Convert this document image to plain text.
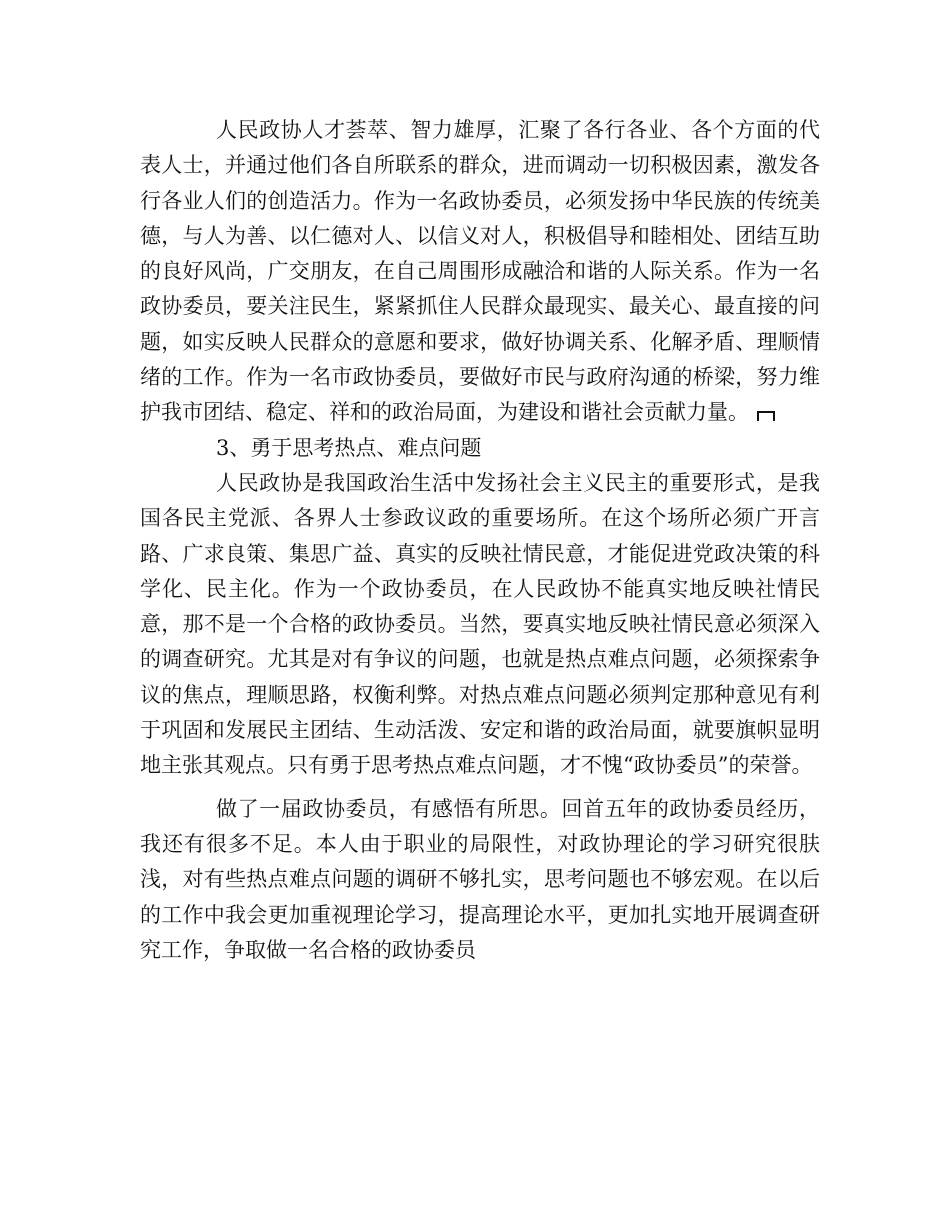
人民政协人才荟萃、智力雄厚，汇聚了各行各业、各个方面的代表人士，并通过他们各自所联系的群众，进而调动一切积极因素，激发各行各业人们的创造活力。作为一名政协委员，必须发扬中华民族的传统美德，与人为善、以仁德对人、以信义对人，积极倡导和睦相处、团结互助的良好风尚，广交朋友，在自己周围形成融洽和谐的人际关系。作为一名政协委员，要关注民生，紧紧抓住人民群众最现实、最关心、最直接的问题，如实反映人民群众的意愿和要求，做好协调关系、化解矛盾、理顺情绪的工作。作为一名市政协委员，要做好市民与政府沟通的桥梁，努力维护我市团结、稳定、祥和的政治局面，为建设和谐社会贡献力量。

3、勇于思考热点、难点问题

人民政协是我国政治生活中发扬社会主义民主的重要形式，是我国各民主党派、各界人士参政议政的重要场所。在这个场所必须广开言路、广求良策、集思广益、真实的反映社情民意，才能促进党政决策的科学化、民主化。作为一个政协委员，在人民政协不能真实地反映社情民意，那不是一个合格的政协委员。当然，要真实地反映社情民意必须深入的调查研究。尤其是对有争议的问题，也就是热点难点问题，必须探索争议的焦点，理顺思路，权衡利弊。对热点难点问题必须判定那种意见有利于巩固和发展民主团结、生动活泼、安定和谐的政治局面，就要旗帜显明地主张其观点。只有勇于思考热点难点问题，才不愧“政协委员”的荣誉。

做了一届政协委员，有感悟有所思。回首五年的政协委员经历，我还有很多不足。本人由于职业的局限性，对政协理论的学习研究很肤浅，对有些热点难点问题的调研不够扎实，思考问题也不够宏观。在以后的工作中我会更加重视理论学习，提高理论水平，更加扎实地开展调查研究工作，争取做一名合格的政协委员
